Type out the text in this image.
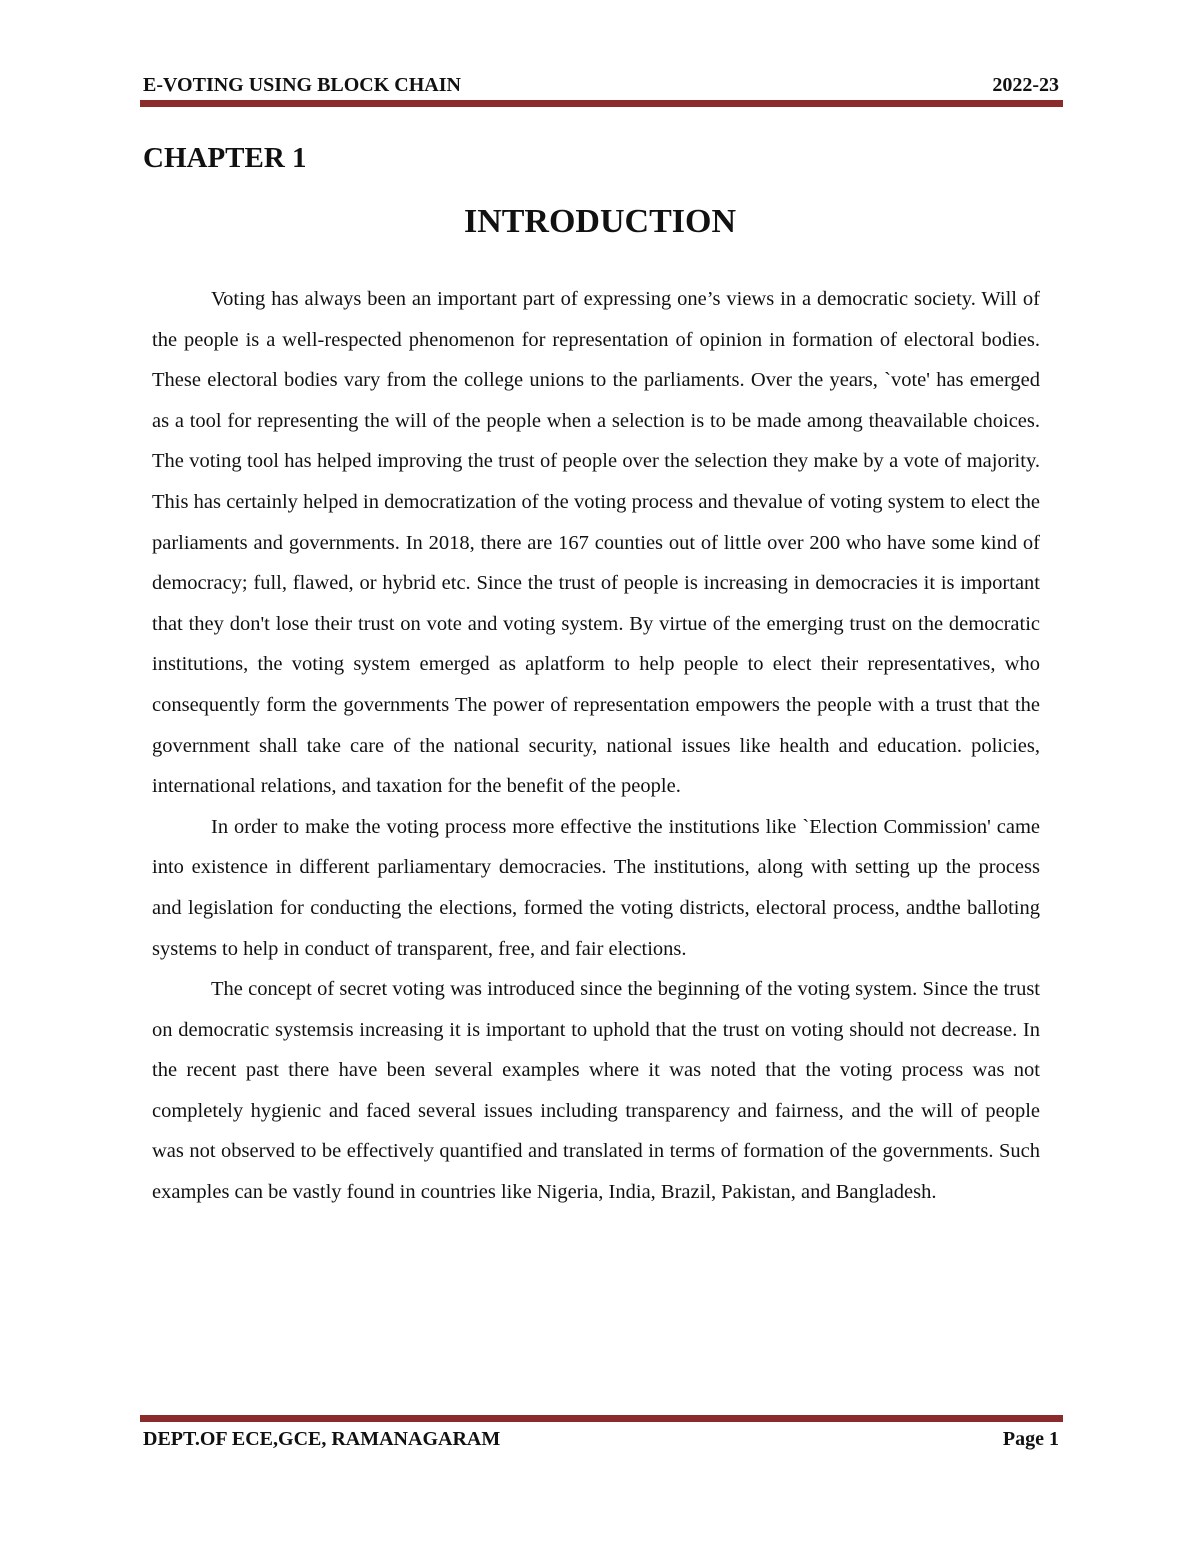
E-VOTING USING BLOCK CHAIN	2022-23
CHAPTER 1
INTRODUCTION

Voting has always been an important part of expressing one’s views in a democratic society. Will of the people is a well-respected phenomenon for representation of opinion in formation of electoral bodies. These electoral bodies vary from the college unions to the parliaments. Over the years, `vote' has emerged as a tool for representing the will of the people when a selection is to be made among theavailable choices. The voting tool has helped improving the trust of people over the selection they make by a vote of majority. This has certainly helped in democratization of the voting process and thevalue of voting system to elect the parliaments and governments. In 2018, there are 167 counties out of little over 200 who have some kind of democracy; full, flawed, or hybrid etc. Since the trust of people is increasing in democracies it is important that they don't lose their trust on vote and voting system. By virtue of the emerging trust on the democratic institutions, the voting system emerged as aplatform to help people to elect their representatives, who consequently form the governments The power of representation empowers the people with a trust that the government shall take care of the national security, national issues like health and education. policies, international relations, and taxation for the benefit of the people.

In order to make the voting process more effective the institutions like `Election Commission' came into existence in different parliamentary democracies. The institutions, along with setting up the process and legislation for conducting the elections, formed the voting districts, electoral process, andthe balloting systems to help in conduct of transparent, free, and fair elections.

The concept of secret voting was introduced since the beginning of the voting system. Since the trust on democratic systemsis increasing it is important to uphold that the trust on voting should not decrease. In the recent past there have been several examples where it was noted that the voting process was not completely hygienic and faced several issues including transparency and fairness, and the will of people was not observed to be effectively quantified and translated in terms of formation of the governments. Such examples can be vastly found in countries like Nigeria, India, Brazil, Pakistan, and Bangladesh.

DEPT.OF ECE,GCE, RAMANAGARAM	Page 1
